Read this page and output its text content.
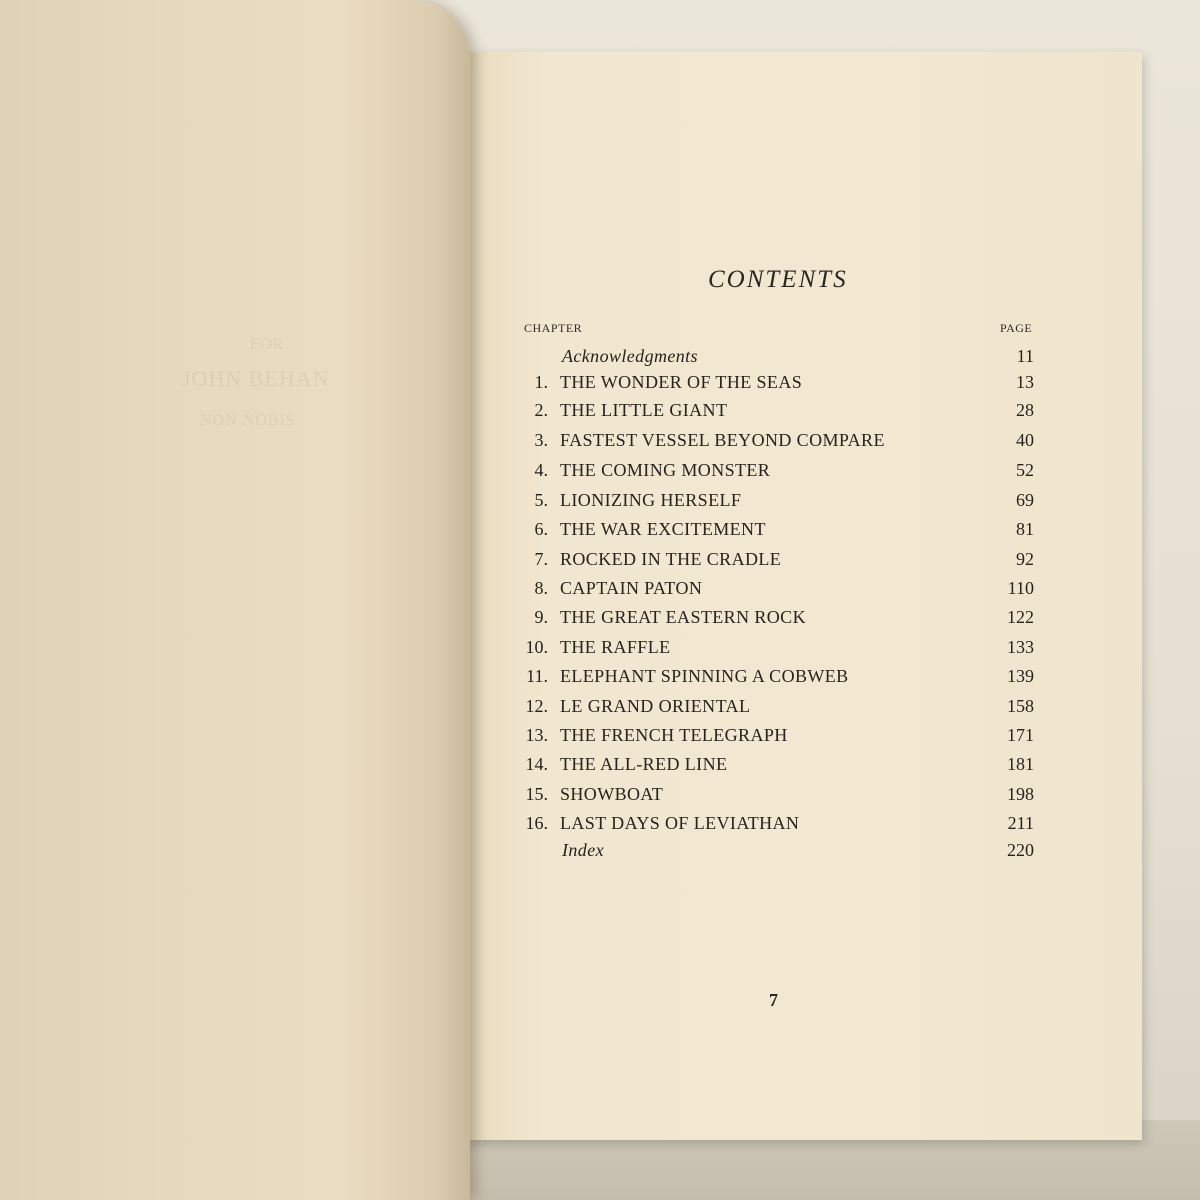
FOR
JOHN BEHAN
NON NOBIS
CONTENTS
CHAPTER	PAGE
Acknowledgments	11
1. THE WONDER OF THE SEAS	13
2. THE LITTLE GIANT	28
3. FASTEST VESSEL BEYOND COMPARE	40
4. THE COMING MONSTER	52
5. LIONIZING HERSELF	69
6. THE WAR EXCITEMENT	81
7. ROCKED IN THE CRADLE	92
8. CAPTAIN PATON	110
9. THE GREAT EASTERN ROCK	122
10. THE RAFFLE	133
11. ELEPHANT SPINNING A COBWEB	139
12. LE GRAND ORIENTAL	158
13. THE FRENCH TELEGRAPH	171
14. THE ALL-RED LINE	181
15. SHOWBOAT	198
16. LAST DAYS OF LEVIATHAN	211
Index	220
7
